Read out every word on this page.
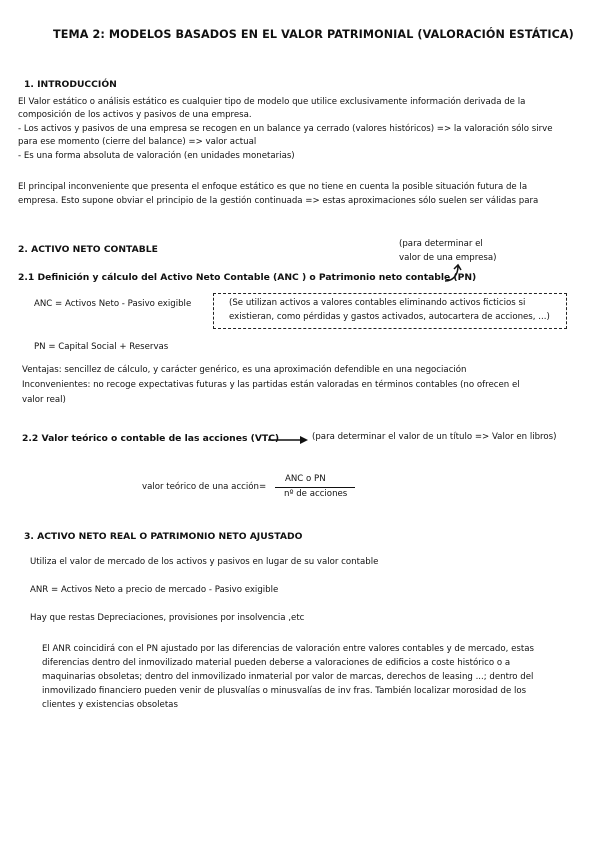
TEMA 2: MODELOS BASADOS EN EL VALOR PATRIMONIAL (VALORACIÓN ESTÁTICA)
1. INTRODUCCIÓN
El Valor estático o análisis estático es cualquier tipo de modelo que utilice exclusivamente información derivada de la
composición de los activos y pasivos de una empresa.
- Los activos y pasivos de una empresa se recogen en un balance ya cerrado (valores históricos) => la valoración sólo sirve
para ese momento (cierre del balance) => valor actual
- Es una forma absoluta de valoración (en unidades monetarias)
El principal inconveniente que presenta el enfoque estático es que no tiene en cuenta la posible situación futura de la
empresa. Esto supone obviar el principio de la gestión continuada => estas aproximaciones sólo suelen ser válidas para
2. ACTIVO NETO CONTABLE	(para determinar el
valor de una empresa)
2.1 Definición y cálculo del Activo Neto Contable (ANC ) o Patrimonio neto contable (PN)
ANC = Activos Neto - Pasivo exigible	(Se utilizan activos a valores contables eliminando activos ficticios si
existieran, como pérdidas y gastos activados, autocartera de acciones, ...)
PN = Capital Social + Reservas
Ventajas: sencillez de cálculo, y carácter genérico, es una aproximación defendible en una negociación
Inconvenientes: no recoge expectativas futuras y las partidas están valoradas en términos contables (no ofrecen el
valor real)
2.2 Valor teórico o contable de las acciones (VTC)	(para determinar el valor de un título => Valor en libros)
valor teórico de una acción=
ANC o PN
nº de acciones
3. ACTIVO NETO REAL O PATRIMONIO NETO AJUSTADO
Utiliza el valor de mercado de los activos y pasivos en lugar de su valor contable
ANR = Activos Neto a precio de mercado - Pasivo exigible
Hay que restas Depreciaciones, provisiones por insolvencia ,etc
El ANR coincidirá con el PN ajustado por las diferencias de valoración entre valores contables y de mercado, estas
diferencias dentro del inmovilizado material pueden deberse a valoraciones de edificios a coste histórico o a
maquinarias obsoletas; dentro del inmovilizado inmaterial por valor de marcas, derechos de leasing ...; dentro del
inmovilizado financiero pueden venir de plusvalías o minusvalías de inv fras. También localizar morosidad de los
clientes y existencias obsoletas
